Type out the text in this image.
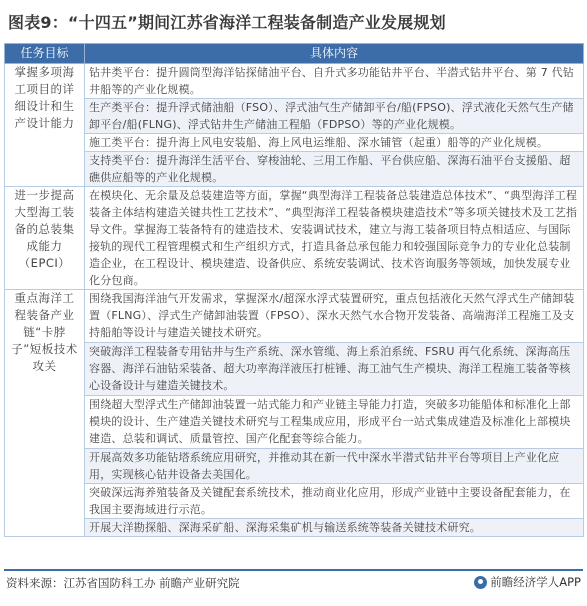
图表9：“十四五”期间江苏省海洋工程装备制造产业发展规划
任务目标	具体内容
掌握多项海工项目的详细设计和生产设计能力	钻井类平台：提升圆筒型海洋钻探储油平台、自升式多功能钻井平台、半潜式钻井平台、第 7 代钻井船等的产业化规模。
	生产类平台：提升浮式储油船（FSO）、浮式油气生产储卸平台/船(FPSO)、浮式液化天然气生产储卸平台/船(FLNG)、浮式钻井生产储油工程船（FDPSO）等的产业化规模。
	施工类平台：提升海上风电安装船、海上风电运维船、深水铺管（起重）船等的产业化规模。
	支持类平台：提升海洋生活平台、穿梭油轮、三用工作船、平台供应船、深海石油平台支援船、超礁供应船等的产业化规模。
进一步提高大型海工装备的总装集成能力（EPCI）	在模块化、无余量及总装建造等方面，掌握“典型海洋工程装备总装建造总体技术”、“典型海洋工程装备主体结构建造关键共性工艺技术”、“典型海洋工程装备模块建造技术”等多项关键技术及工艺指导文件。掌握海工装备特有的建造技术、安装调试技术，建立与海工装备项目特点相适应、与国际接轨的现代工程管理模式和生产组织方式，打造具备总承包能力和较强国际竞争力的专业化总装制造企业，在工程设计、模块建造、设备供应、系统安装调试、技术咨询服务等领域，加快发展专业化分包商。
重点海洋工程装备产业链“卡脖子”短板技术攻关	围绕我国海洋油气开发需求，掌握深水/超深水浮式装置研究，重点包括液化天然气浮式生产储卸装置（FLNG）、浮式生产储卸油装置（FPSO）、深水天然气水合物开发装备、高端海洋工程施工及支持船舶等设计与建造关键技术研究。
	突破海洋工程装备专用钻井与生产系统、深水管缆、海上系泊系统、FSRU 再气化系统、深海高压容器、海洋石油钻采装备、超大功率海洋液压打桩锤、海工油气生产模块、海洋工程施工装备等核心设备设计与建造关键技术。
	围绕超大型浮式生产储卸油装置一站式能力和产业链主导能力打造，突破多功能船体和标准化上部模块的设计、生产建造关键技术研究与工程集成应用，形成平台一站式集成建造及标准化上部模块建造、总装和调试、质量管控、国产化配套等综合能力。
	开展高效多功能钻塔系统应用研究，并推动其在新一代中深水半潜式钻井平台等项目上产业化应用，实现核心钻井设备去美国化。
	突破深远海养殖装备及关键配套系统技术，推动商业化应用，形成产业链中主要设备配套能力，在我国主要海域进行示范。
	开展大洋勘探船、深海采矿船、深海采集矿机与输送系统等装备关键技术研究。
资料来源：江苏省国防科工办 前瞻产业研究院	前瞻经济学人APP
